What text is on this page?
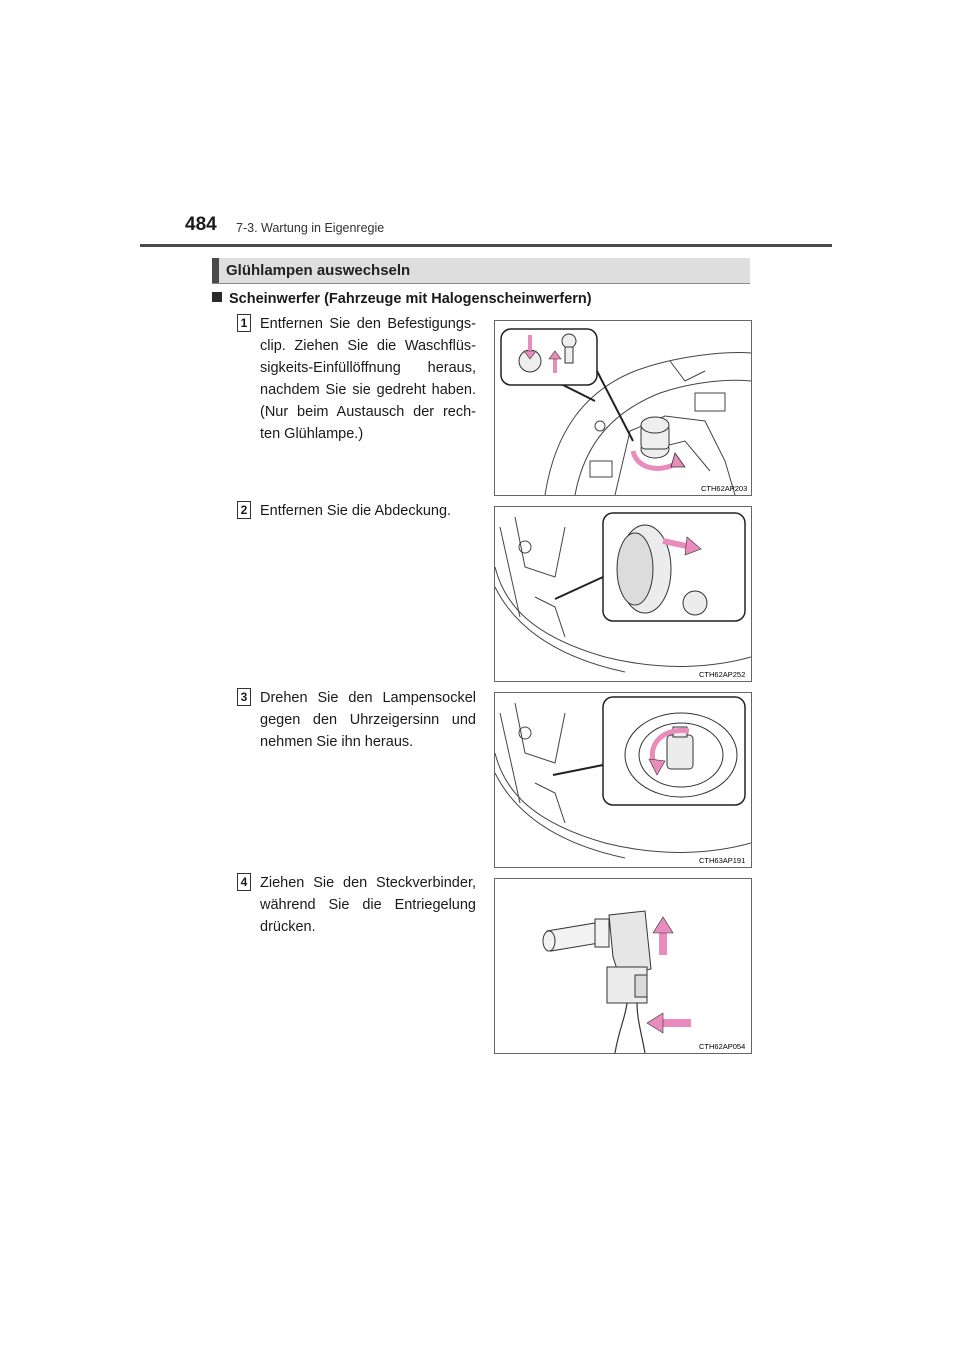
484 7-3. Wartung in Eigenregie
Glühlampen auswechseln
Scheinwerfer (Fahrzeuge mit Halogenscheinwerfern)
1 Entfernen Sie den Befestigungs-clip. Ziehen Sie die Waschflüs-sigkeits-Einfüllöffnung heraus, nachdem Sie sie gedreht haben. (Nur beim Austausch der rech-ten Glühlampe.)
CTH62AP203
2 Entfernen Sie die Abdeckung.
CTH62AP252
3 Drehen Sie den Lampensockel gegen den Uhrzeigersinn und nehmen Sie ihn heraus.
CTH63AP191
4 Ziehen Sie den Steckverbinder, während Sie die Entriegelung drücken.
CTH62AP054
